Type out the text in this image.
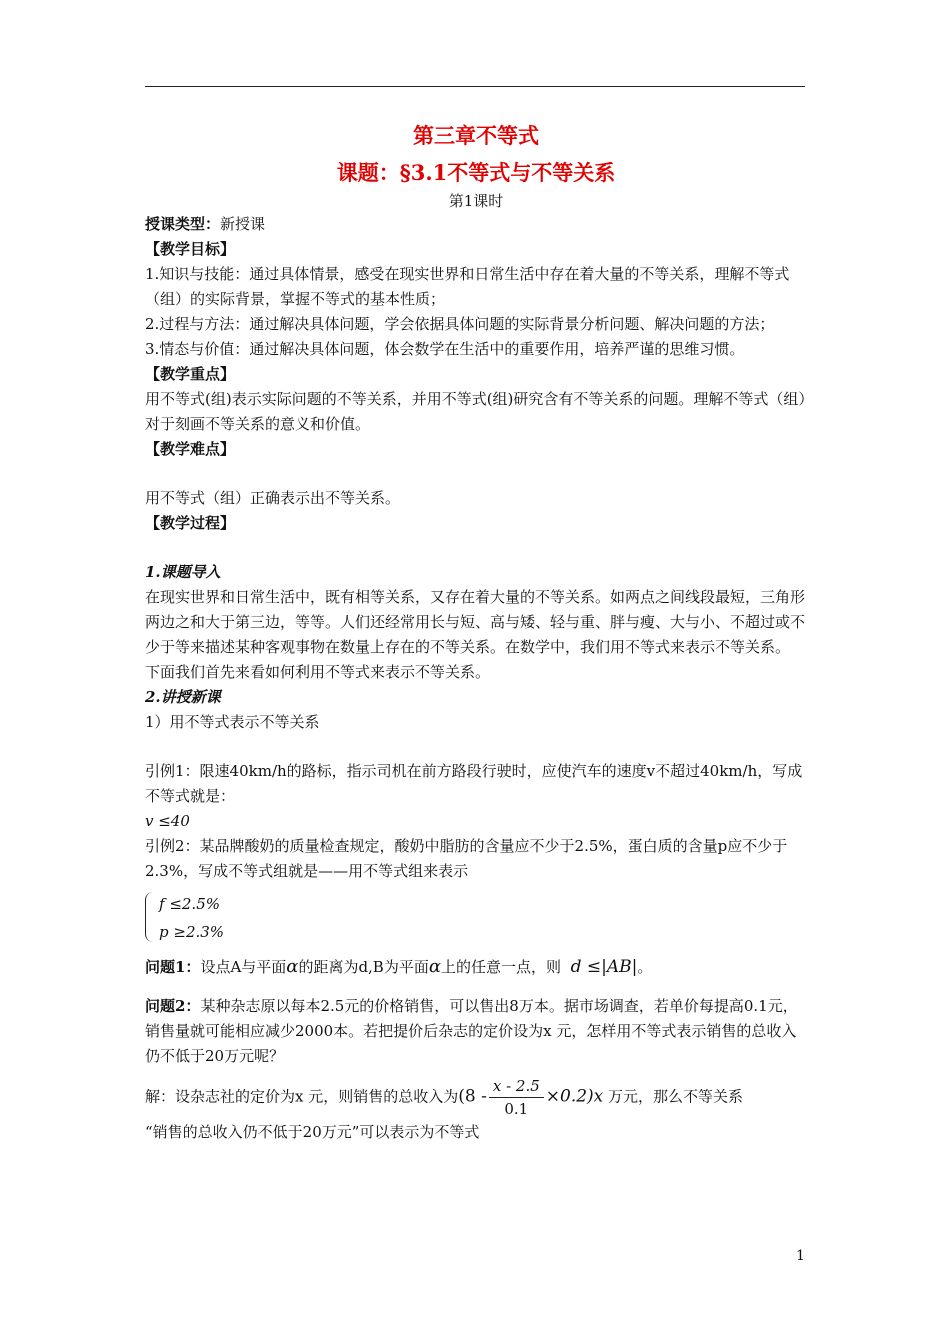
第三章不等式
课题：§3.1不等式与不等关系
第1课时

授课类型：新授课

【教学目标】

1.知识与技能：通过具体情景，感受在现实世界和日常生活中存在着大量的不等关系，理解不等式（组）的实际背景，掌握不等式的基本性质；

2.过程与方法：通过解决具体问题，学会依据具体问题的实际背景分析问题、解决问题的方法；

3.情态与价值：通过解决具体问题，体会数学在生活中的重要作用，培养严谨的思维习惯。

【教学重点】

用不等式(组)表示实际问题的不等关系，并用不等式(组)研究含有不等关系的问题。理解不等式（组）对于刻画不等关系的意义和价值。

【教学难点】

用不等式（组）正确表示出不等关系。

【教学过程】

1.课题导入

在现实世界和日常生活中，既有相等关系，又存在着大量的不等关系。如两点之间线段最短，三角形两边之和大于第三边，等等。人们还经常用长与短、高与矮、轻与重、胖与瘦、大与小、不超过或不少于等来描述某种客观事物在数量上存在的不等关系。在数学中，我们用不等式来表示不等关系。

下面我们首先来看如何利用不等式来表示不等关系。

2.讲授新课

1）用不等式表示不等关系

引例1：限速40km/h的路标，指示司机在前方路段行驶时，应使汽车的速度v不超过40km/h，写成不等式就是：

v ≤40

引例2：某品牌酸奶的质量检查规定，酸奶中脂肪的含量应不少于2.5%，蛋白质的含量p应不少于2.3%，写成不等式组就是——用不等式组来表示

f ≤2.5%
p ≥2.3%

问题1：设点A与平面α的距离为d,B为平面α上的任意一点，则 d ≤|AB|。

问题2：某种杂志原以每本2.5元的价格销售，可以售出8万本。据市场调查，若单价每提高0.1元，销售量就可能相应减少2000本。若把提价后杂志的定价设为x 元，怎样用不等式表示销售的总收入仍不低于20万元呢？

解：设杂志社的定价为x 元，则销售的总收入为$(8 - \frac{x - 2.5}{0.1} \times 0.2)x$ 万元，那么不等关系

“销售的总收入仍不低于20万元”可以表示为不等式

1
